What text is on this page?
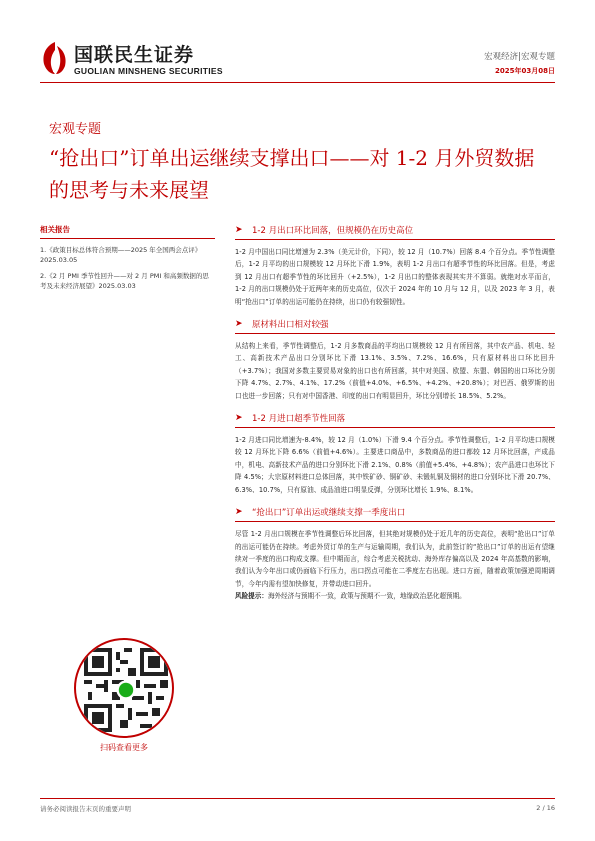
国联民生证券
GUOLIAN MINSHENG SECURITIES
宏观经济|宏观专题
2025年03月08日
宏观专题
“抢出口”订单出运继续支撑出口——对 1-2 月外贸数据的思考与未来展望
相关报告
1.《政策目标总体符合预期——2025 年全国两会点评》2025.03.05
2.《2 月 PMI 季节性回升——对 2 月 PMI 和高频数据的思考及未来经济展望》2025.03.03
扫码查看更多
➤ 1-2 月出口环比回落，但规模仍在历史高位
1-2 月中国出口同比增速为 2.3%（美元计价，下同），较 12 月（10.7%）回落 8.4 个百分点。季节性调整后，1-2 月平均的出口规模较 12 月环比下滑 1.9%，表明 1-2 月出口有超季节性的环比回落。但是，考虑到 12 月出口有超季节性的环比回升（+2.5%），1-2 月出口的整体表现其实并不算弱。就绝对水平而言，1-2 月的出口规模仍处于近两年来的历史高位，仅次于 2024 年的 10 月与 12 月，以及 2023 年 3 月，表明“抢出口”订单的出运可能仍在持续，出口仍有较强韧性。
➤ 原材料出口相对较强
从结构上来看，季节性调整后，1-2 月多数商品的平均出口规模较 12 月有所回落，其中农产品、机电、轻工、高新技术产品出口分别环比下滑 13.1%、3.5%、7.2%、16.6%，只有原材料出口环比回升（+3.7%）；我国对多数主要贸易对象的出口也有所回落，其中对美国、欧盟、东盟、韩国的出口环比分别下降 4.7%、2.7%、4.1%、17.2%（前值+4.0%、+6.5%、+4.2%、+20.8%）；对巴西、俄罗斯的出口也进一步回落；只有对中国香港、印度的出口有明显回升，环比分别增长 18.5%、5.2%。
➤ 1-2 月进口超季节性回落
1-2 月进口同比增速为-8.4%，较 12 月（1.0%）下滑 9.4 个百分点。季节性调整后，1-2 月平均进口规模较 12 月环比下降 6.6%（前值+4.6%）。主要进口商品中，多数商品的进口都较 12 月环比回落，产成品中，机电、高新技术产品的进口分别环比下滑 2.1%、0.8%（前值+5.4%、+4.8%）；农产品进口也环比下降 4.5%；大宗原材料进口总体回落，其中铁矿砂、铜矿砂、未锻轧铜及铜材的进口分别环比下滑 20.7%、6.3%、10.7%，只有原油、成品油进口明显反弹，分别环比增长 1.9%、8.1%。
➤ “抢出口”订单出运或继续支撑一季度出口
尽管 1-2 月出口规模在季节性调整后环比回落，但其绝对规模仍处于近几年的历史高位，表明“抢出口”订单的出运可能仍在持续。考虑外贸订单的生产与运输周期，我们认为，此前签订的“抢出口”订单的出运有望继续对一季度的出口构成支撑。但中期而言，综合考虑关税扰动、海外库存偏高以及 2024 年高基数的影响，我们认为今年出口或仍面临下行压力，出口拐点可能在二季度左右出现。进口方面，随着政策加强逆周期调节，今年内需有望加快修复，并带动进口回升。
风险提示：海外经济与预期不一致，政策与预期不一致，地缘政治恶化超预期。
请务必阅读报告末页的重要声明	2 / 16
